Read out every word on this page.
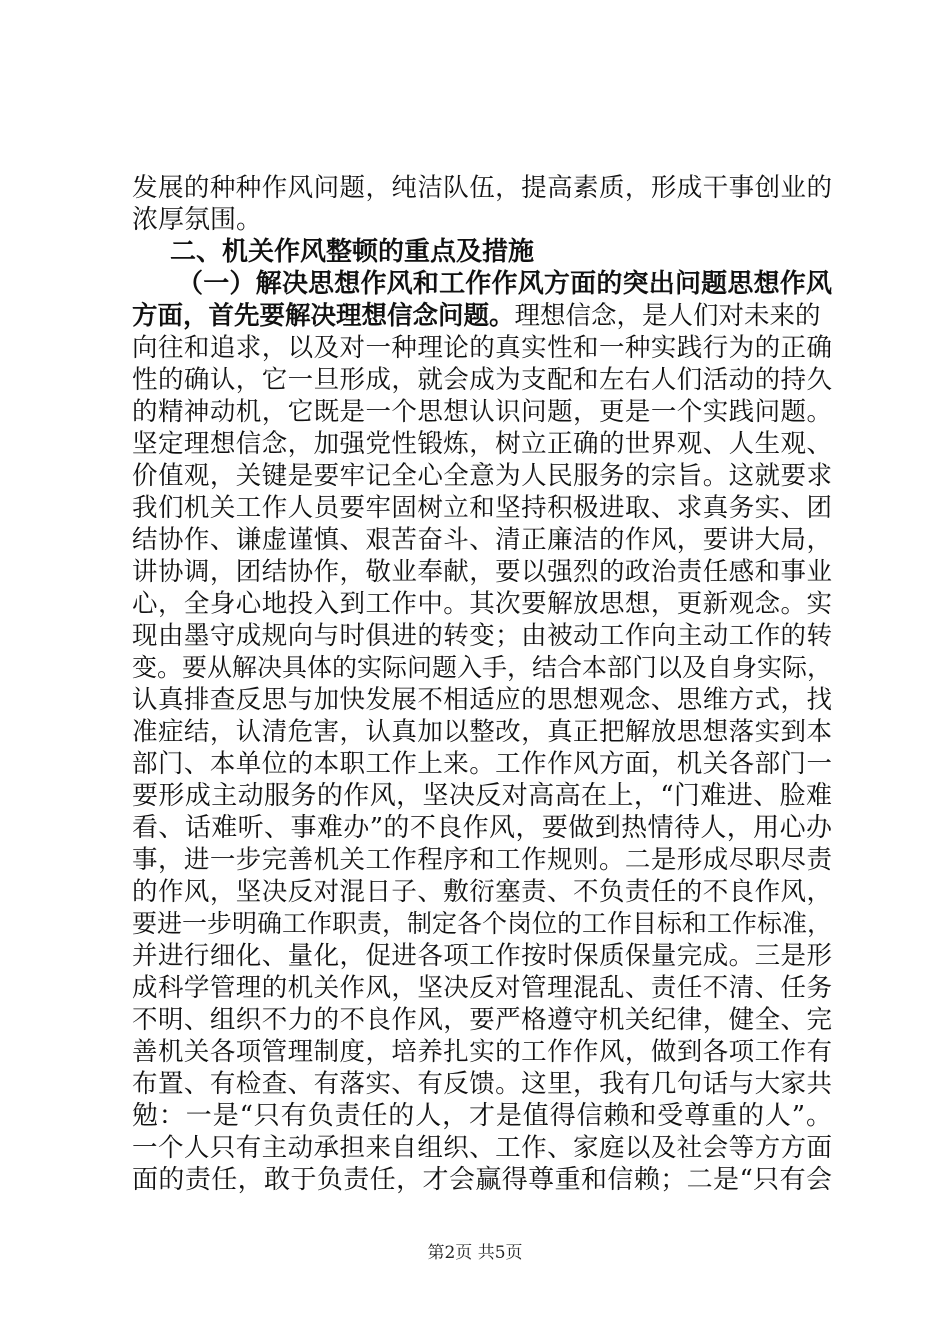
发展的种种作风问题，纯洁队伍，提高素质，形成干事创业的
浓厚氛围。
二、机关作风整顿的重点及措施
（一）解决思想作风和工作作风方面的突出问题思想作风
方面，首先要解决理想信念问题。理想信念，是人们对未来的
向往和追求，以及对一种理论的真实性和一种实践行为的正确
性的确认，它一旦形成，就会成为支配和左右人们活动的持久
的精神动机，它既是一个思想认识问题，更是一个实践问题。
坚定理想信念，加强党性锻炼，树立正确的世界观、人生观、
价值观，关键是要牢记全心全意为人民服务的宗旨。这就要求
我们机关工作人员要牢固树立和坚持积极进取、求真务实、团
结协作、谦虚谨慎、艰苦奋斗、清正廉洁的作风，要讲大局，
讲协调，团结协作，敬业奉献，要以强烈的政治责任感和事业
心，全身心地投入到工作中。其次要解放思想，更新观念。实
现由墨守成规向与时俱进的转变；由被动工作向主动工作的转
变。要从解决具体的实际问题入手，结合本部门以及自身实际，
认真排查反思与加快发展不相适应的思想观念、思维方式，找
准症结，认清危害，认真加以整改，真正把解放思想落实到本
部门、本单位的本职工作上来。工作作风方面，机关各部门一
要形成主动服务的作风，坚决反对高高在上，“门难进、脸难
看、话难听、事难办”的不良作风，要做到热情待人，用心办
事，进一步完善机关工作程序和工作规则。二是形成尽职尽责
的作风，坚决反对混日子、敷衍塞责、不负责任的不良作风，
要进一步明确工作职责，制定各个岗位的工作目标和工作标准，
并进行细化、量化，促进各项工作按时保质保量完成。三是形
成科学管理的机关作风，坚决反对管理混乱、责任不清、任务
不明、组织不力的不良作风，要严格遵守机关纪律，健全、完
善机关各项管理制度，培养扎实的工作作风，做到各项工作有
布置、有检查、有落实、有反馈。这里，我有几句话与大家共
勉：一是“只有负责任的人，才是值得信赖和受尊重的人”。
一个人只有主动承担来自组织、工作、家庭以及社会等方方面
面的责任，敢于负责任，才会赢得尊重和信赖；二是“只有会
第2页 共5页
